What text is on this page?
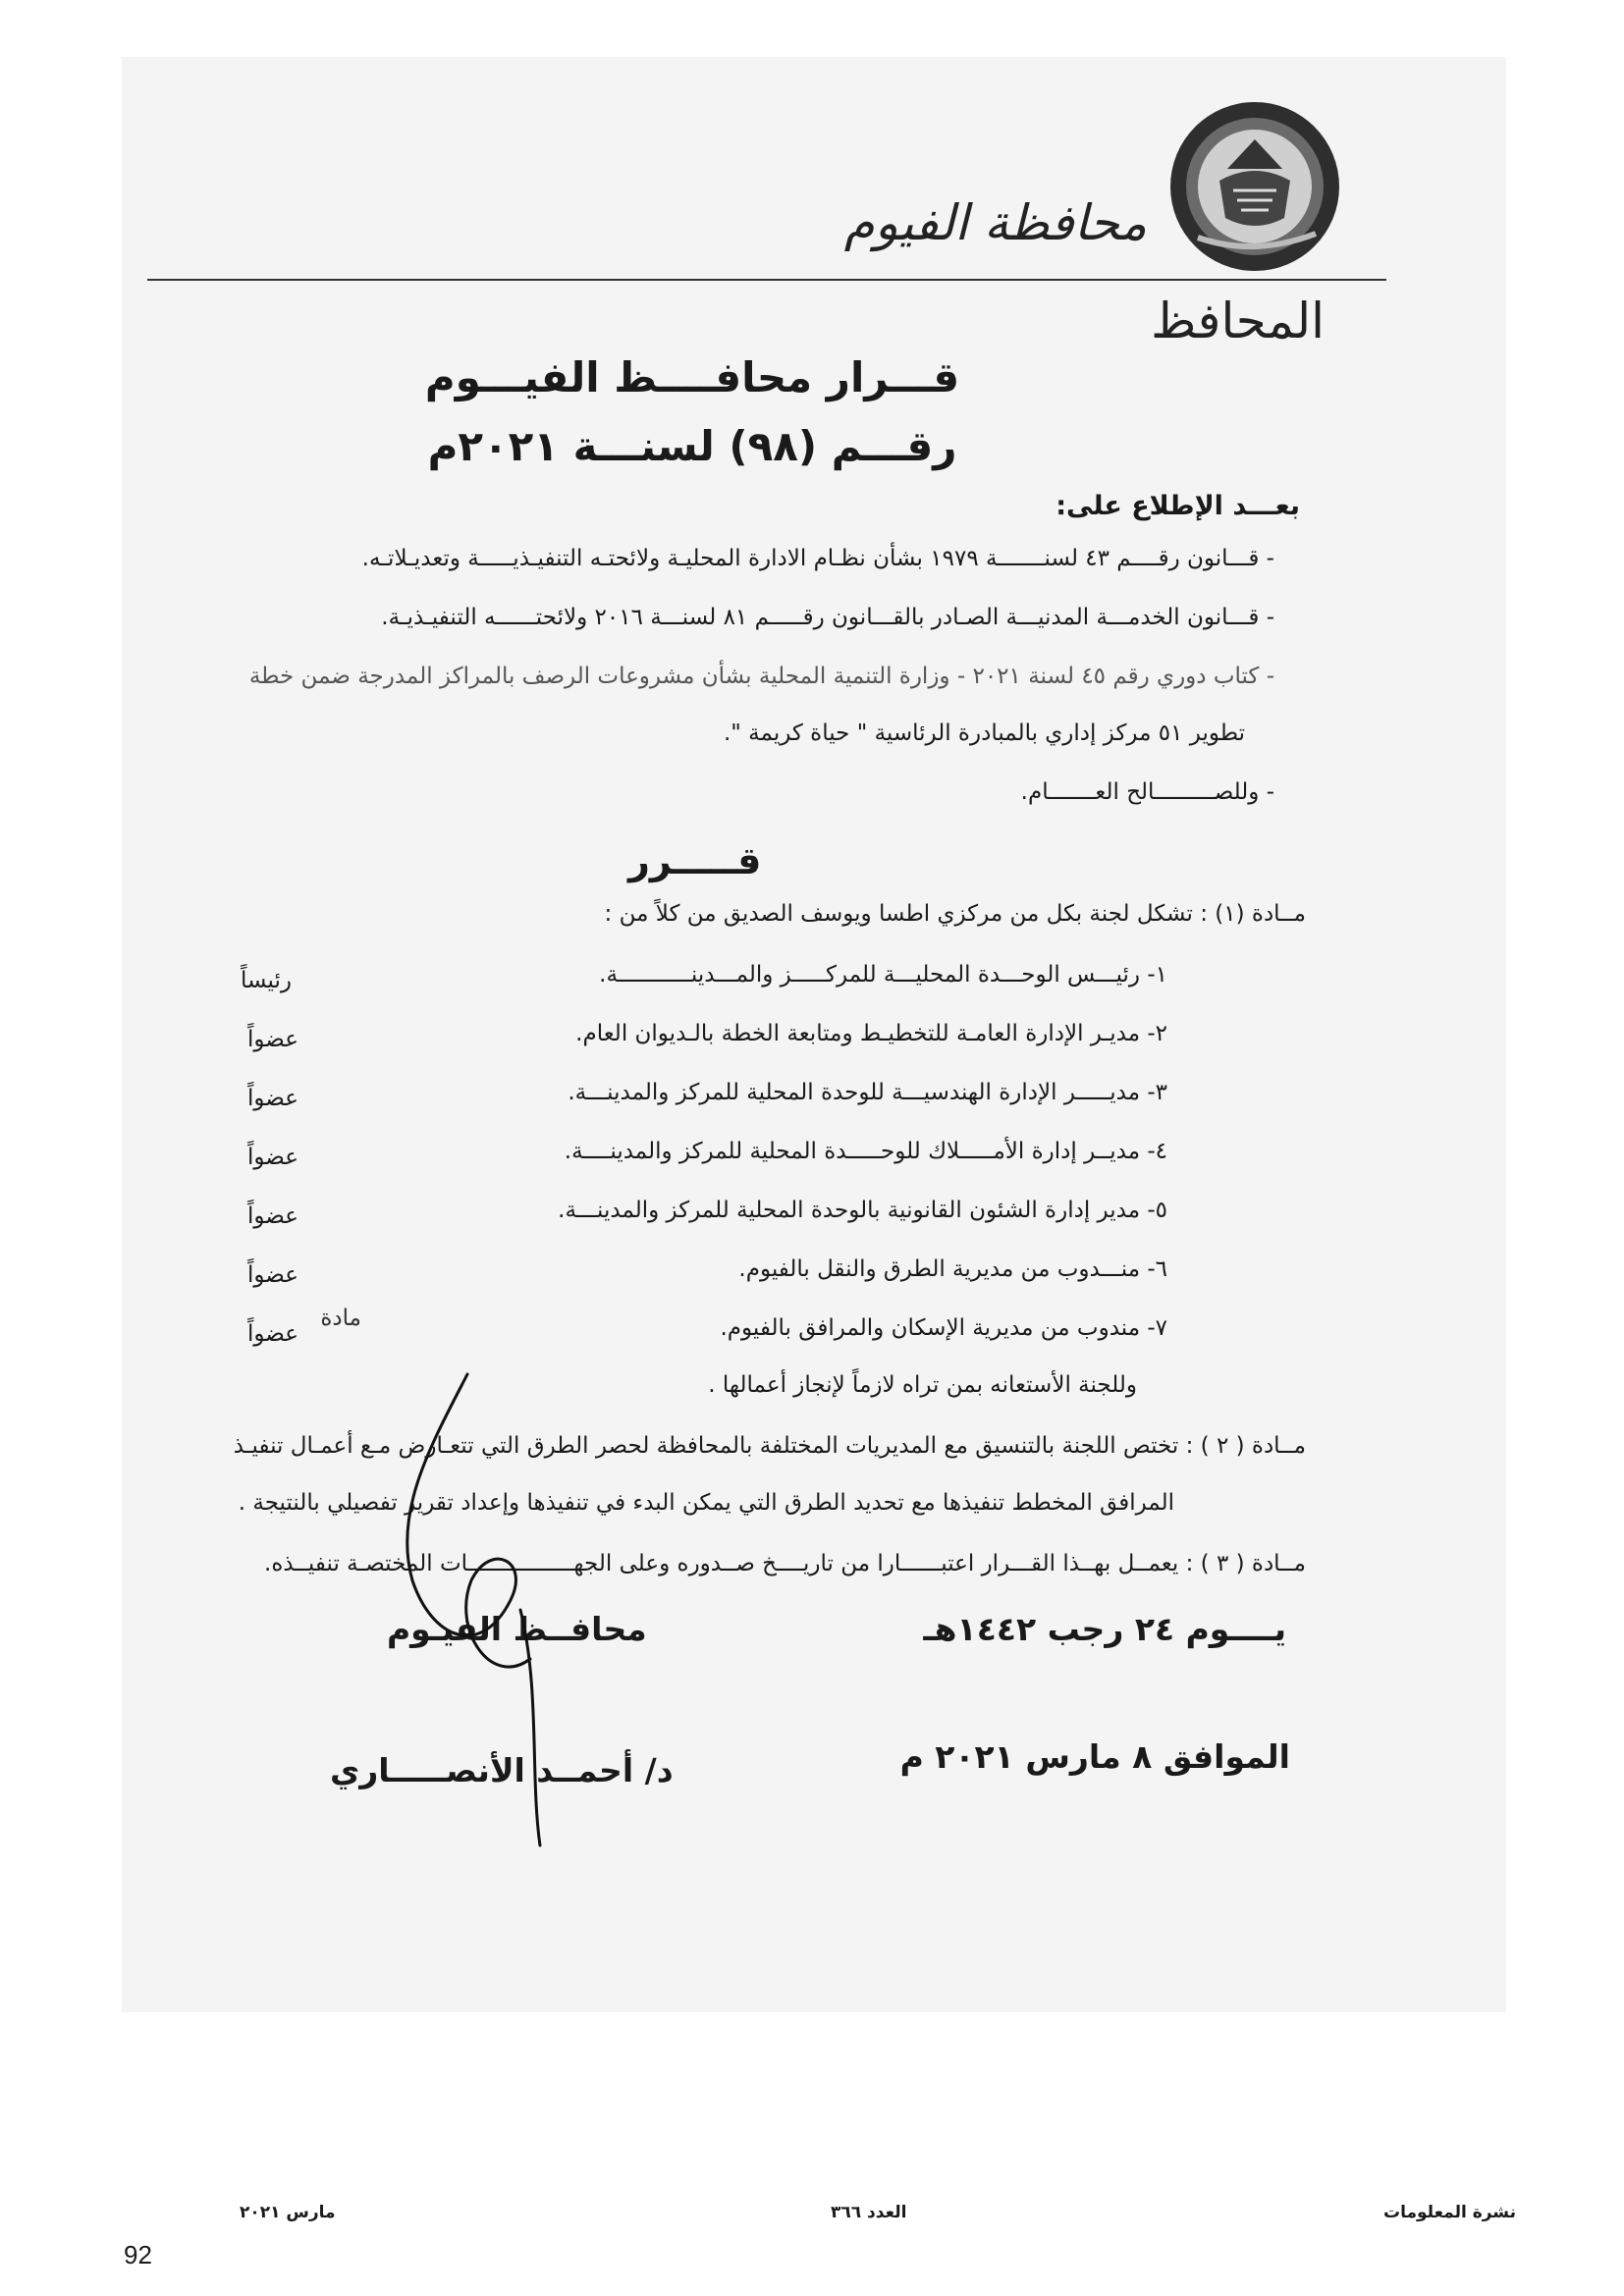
محافظة الفيوم
المحافظ
قـــرار محافــــظ الفيـــوم
رقـــم (٩٨) لسنـــة ٢٠٢١م
بعـــد الإطلاع على:
- قـــانون رقــــم ٤٣ لسنـــــــة ١٩٧٩ بشأن نظـام الادارة المحليـة ولائحتـه التنفيـذيـــــة وتعديـلاتـه.
- قـــانون الخدمـــة المدنيـــة الصـادر بالقـــانون رقـــــم ٨١ لسنـــة ٢٠١٦ ولائحتــــــه التنفيـذيـة.
- كتاب دوري رقم ٤٥ لسنة ٢٠٢١ - وزارة التنمية المحلية بشأن مشروعات الرصف بالمراكز المدرجة ضمن خطة
تطوير ٥١ مركز إداري بالمبادرة الرئاسية " حياة كريمة ".
- وللصـــــــــالح العـــــــام.
قـــــرر
مــادة (١) : تشكل لجنة بكل من مركزي اطسا ويوسف الصديق من كلاً من :
١- رئيـــس الوحـــدة المحليـــة للمركـــــز والمـــدينـــــــــــة.
رئيساً
٢- مديـر الإدارة العامـة للتخطيـط ومتابعة الخطة بالـديوان العام.
عضواً
٣- مديـــــر الإدارة الهندسيـــة للوحدة المحلية للمركز والمدينـــة.
عضواً
٤- مديــر إدارة الأمـــــلاك للوحـــــدة المحلية للمركز والمدينــــة.
عضواً
٥- مدير إدارة الشئون القانونية بالوحدة المحلية للمركز والمدينـــة.
عضواً
٦- منـــدوب من مديرية الطرق والنقل بالفيوم.
عضواً
٧- مندوب من مديرية الإسكان والمرافق بالفيوم.
عضواً
مادة
وللجنة الأستعانه بمن تراه لازماً لإنجاز أعمالها .
مــادة ( ٢ ) : تختص اللجنة بالتنسيق مع المديريات المختلفة بالمحافظة لحصر الطرق التي تتعـارض مـع أعمـال تنفيـذ
المرافق المخطط تنفيذها مع تحديد الطرق التي يمكن البدء في تنفيذها وإعداد تقرير تفصيلي بالنتيجة .
مــادة ( ٣ ) : يعمــل بهــذا القـــرار اعتبــــــارا من تاريــــخ صــدوره وعلى الجهــــــــــــــــات المختصـة تنفيــذه.
يــــوم ٢٤ رجب ١٤٤٢هـ
محافــظ الفيـوم
الموافق ٨ مارس ٢٠٢١ م
د/ أحمــد الأنصـــــاري
نشرة المعلومات
العدد ٣٦٦
مارس ٢٠٢١
92
